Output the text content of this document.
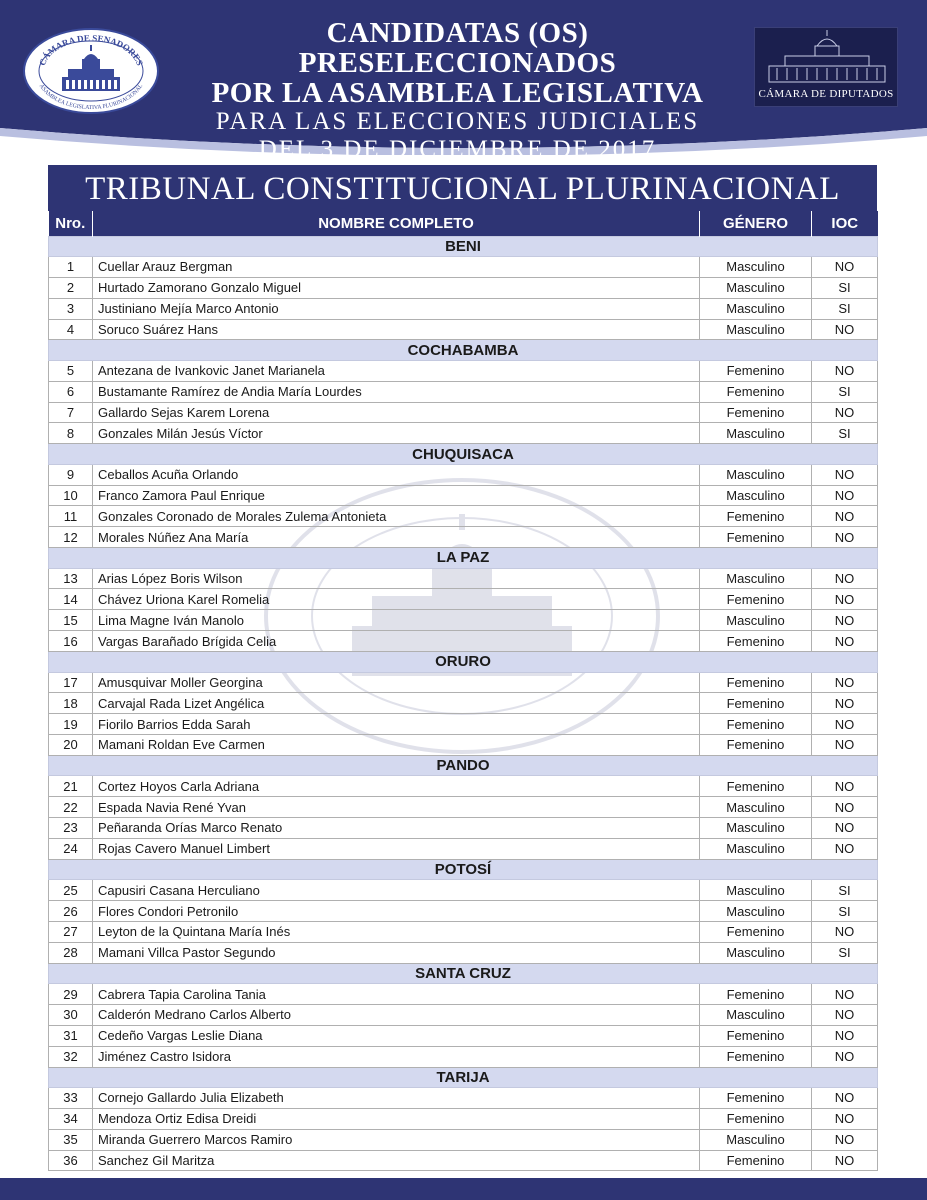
CÁMARA DE SENADORES
ASAMBLEA LEGISLATIVA PLURINACIONAL
CANDIDATAS (OS) PRESELECCIONADOS
POR LA ASAMBLEA LEGISLATIVA
PARA LAS ELECCIONES JUDICIALES
DEL 3 DE DICIEMBRE DE 2017
CÁMARA DE DIPUTADOS
TRIBUNAL CONSTITUCIONAL PLURINACIONAL
Nro.	NOMBRE COMPLETO	GÉNERO	IOC
BENI			
1	Cuellar Arauz Bergman	Masculino	NO
2	Hurtado Zamorano Gonzalo Miguel	Masculino	SI
3	Justiniano Mejía Marco Antonio	Masculino	SI
4	Soruco Suárez Hans	Masculino	NO
COCHABAMBA			
5	Antezana de Ivankovic Janet Marianela	Femenino	NO
6	Bustamante Ramírez de Andia María Lourdes	Femenino	SI
7	Gallardo Sejas Karem Lorena	Femenino	NO
8	Gonzales Milán Jesús Víctor	Masculino	SI
CHUQUISACA			
9	Ceballos Acuña Orlando	Masculino	NO
10	Franco Zamora Paul Enrique	Masculino	NO
11	Gonzales Coronado de Morales Zulema Antonieta	Femenino	NO
12	Morales Núñez Ana María	Femenino	NO
LA PAZ			
13	Arias López Boris Wilson	Masculino	NO
14	Chávez Uriona Karel Romelia	Femenino	NO
15	Lima Magne Iván Manolo	Masculino	NO
16	Vargas Barañado Brígida Celia	Femenino	NO
ORURO			
17	Amusquivar Moller Georgina	Femenino	NO
18	Carvajal Rada Lizet Angélica	Femenino	NO
19	Fiorilo Barrios Edda Sarah	Femenino	NO
20	Mamani Roldan Eve Carmen	Femenino	NO
PANDO			
21	Cortez Hoyos Carla Adriana	Femenino	NO
22	Espada Navia René Yvan	Masculino	NO
23	Peñaranda Orías Marco Renato	Masculino	NO
24	Rojas Cavero Manuel Limbert	Masculino	NO
POTOSÍ			
25	Capusiri Casana Herculiano	Masculino	SI
26	Flores Condori Petronilo	Masculino	SI
27	Leyton de la Quintana María Inés	Femenino	NO
28	Mamani Villca Pastor Segundo	Masculino	SI
SANTA CRUZ			
29	Cabrera Tapia Carolina Tania	Femenino	NO
30	Calderón Medrano Carlos Alberto	Masculino	NO
31	Cedeño Vargas Leslie Diana	Femenino	NO
32	Jiménez Castro Isidora	Femenino	NO
TARIJA			
33	Cornejo Gallardo Julia Elizabeth	Femenino	NO
34	Mendoza Ortiz Edisa Dreidi	Femenino	NO
35	Miranda Guerrero Marcos Ramiro	Masculino	NO
36	Sanchez Gil Maritza	Femenino	NO
